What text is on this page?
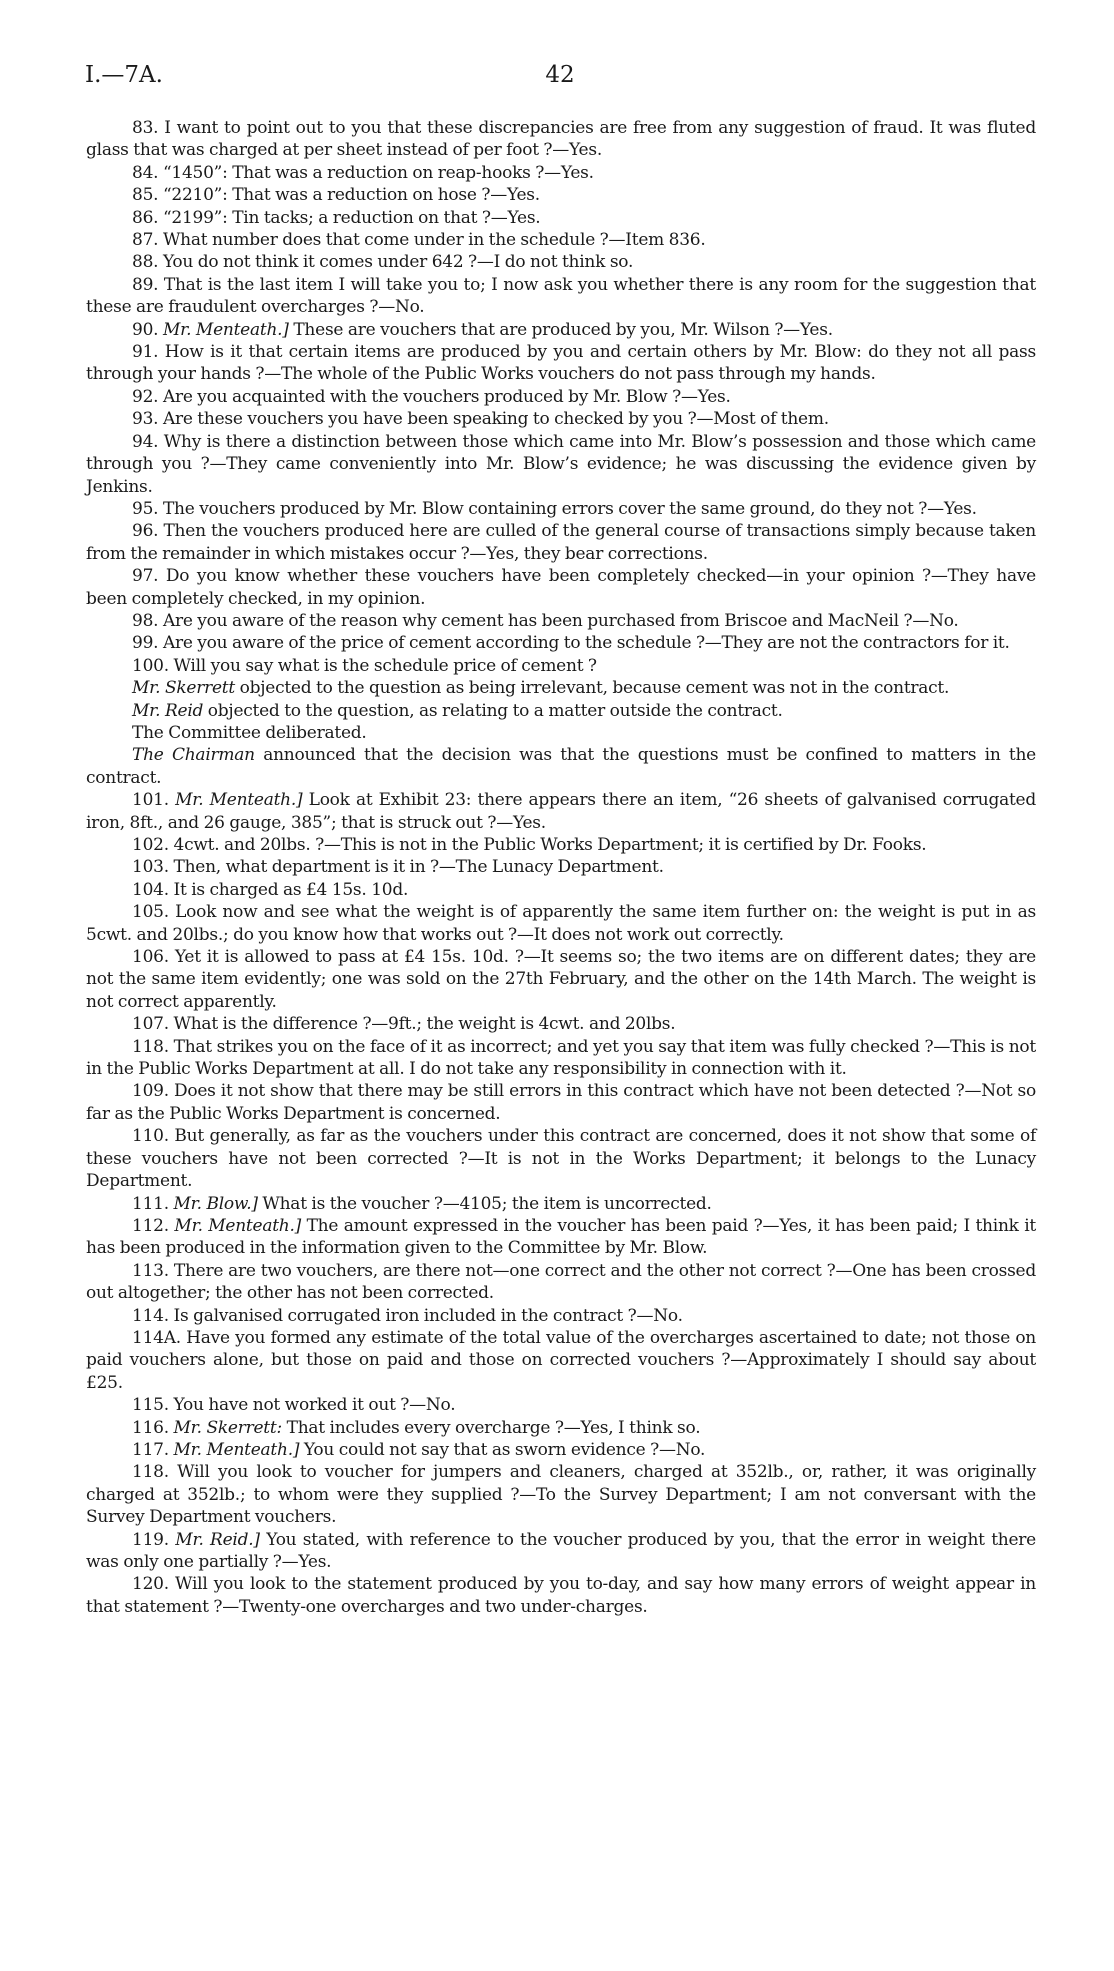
I.—7A.	42

83. I want to point out to you that these discrepancies are free from any suggestion of fraud. It was fluted glass that was charged at per sheet instead of per foot ?—Yes.

84. “1450”: That was a reduction on reap-hooks ?—Yes.

85. “2210”: That was a reduction on hose ?—Yes.

86. “2199”: Tin tacks; a reduction on that ?—Yes.

87. What number does that come under in the schedule ?—Item 836.

88. You do not think it comes under 642 ?—I do not think so.

89. That is the last item I will take you to; I now ask you whether there is any room for the suggestion that these are fraudulent overcharges ?—No.

90. Mr. Menteath.] These are vouchers that are produced by you, Mr. Wilson ?—Yes.

91. How is it that certain items are produced by you and certain others by Mr. Blow: do they not all pass through your hands ?—The whole of the Public Works vouchers do not pass through my hands.

92. Are you acquainted with the vouchers produced by Mr. Blow ?—Yes.

93. Are these vouchers you have been speaking to checked by you ?—Most of them.

94. Why is there a distinction between those which came into Mr. Blow’s possession and those which came through you ?—They came conveniently into Mr. Blow’s evidence; he was discussing the evidence given by Jenkins.

95. The vouchers produced by Mr. Blow containing errors cover the same ground, do they not ?—Yes.

96. Then the vouchers produced here are culled of the general course of transactions simply because taken from the remainder in which mistakes occur ?—Yes, they bear corrections.

97. Do you know whether these vouchers have been completely checked—in your opinion ?—They have been completely checked, in my opinion.

98. Are you aware of the reason why cement has been purchased from Briscoe and MacNeil ?—No.

99. Are you aware of the price of cement according to the schedule ?—They are not the contractors for it.

100. Will you say what is the schedule price of cement ?

Mr. Skerrett objected to the question as being irrelevant, because cement was not in the contract.

Mr. Reid objected to the question, as relating to a matter outside the contract.

The Committee deliberated.

The Chairman announced that the decision was that the questions must be confined to matters in the contract.

101. Mr. Menteath.] Look at Exhibit 23: there appears there an item, “26 sheets of galvanised corrugated iron, 8ft., and 26 gauge, 385”; that is struck out ?—Yes.

102. 4cwt. and 20lbs. ?—This is not in the Public Works Department; it is certified by Dr. Fooks.

103. Then, what department is it in ?—The Lunacy Department.

104. It is charged as £4 15s. 10d.

105. Look now and see what the weight is of apparently the same item further on: the weight is put in as 5cwt. and 20lbs.; do you know how that works out ?—It does not work out correctly.

106. Yet it is allowed to pass at £4 15s. 10d. ?—It seems so; the two items are on different dates; they are not the same item evidently; one was sold on the 27th February, and the other on the 14th March. The weight is not correct apparently.

107. What is the difference ?—9ft.; the weight is 4cwt. and 20lbs.

118. That strikes you on the face of it as incorrect; and yet you say that item was fully checked ?—This is not in the Public Works Department at all. I do not take any responsibility in connection with it.

109. Does it not show that there may be still errors in this contract which have not been detected ?—Not so far as the Public Works Department is concerned.

110. But generally, as far as the vouchers under this contract are concerned, does it not show that some of these vouchers have not been corrected ?—It is not in the Works Department; it belongs to the Lunacy Department.

111. Mr. Blow.] What is the voucher ?—4105; the item is uncorrected.

112. Mr. Menteath.] The amount expressed in the voucher has been paid ?—Yes, it has been paid; I think it has been produced in the information given to the Committee by Mr. Blow.

113. There are two vouchers, are there not—one correct and the other not correct ?—One has been crossed out altogether; the other has not been corrected.

114. Is galvanised corrugated iron included in the contract ?—No.

114A. Have you formed any estimate of the total value of the overcharges ascertained to date; not those on paid vouchers alone, but those on paid and those on corrected vouchers ?—Approximately I should say about £25.

115. You have not worked it out ?—No.

116. Mr. Skerrett: That includes every overcharge ?—Yes, I think so.

117. Mr. Menteath.] You could not say that as sworn evidence ?—No.

118. Will you look to voucher for jumpers and cleaners, charged at 352lb., or, rather, it was originally charged at 352lb.; to whom were they supplied ?—To the Survey Department; I am not conversant with the Survey Department vouchers.

119. Mr. Reid.] You stated, with reference to the voucher produced by you, that the error in weight there was only one partially ?—Yes.

120. Will you look to the statement produced by you to-day, and say how many errors of weight appear in that statement ?—Twenty-one overcharges and two under-charges.
